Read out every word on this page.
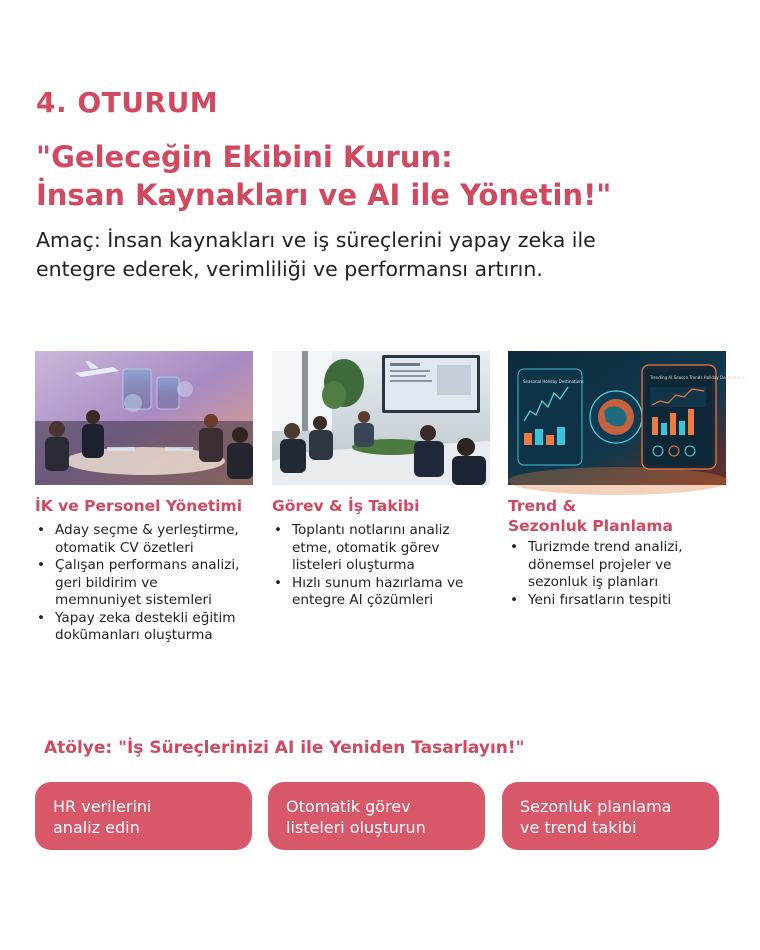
4. OTURUM
"Geleceğin Ekibini Kurun:
İnsan Kaynakları ve AI ile Yönetin!"

Amaç: İnsan kaynakları ve iş süreçlerini yapay zeka ile
entegre ederek, verimliliği ve performansı artırın.

İK ve Personel Yönetimi
• Aday seçme & yerleştirme,
otomatik CV özetleri
• Çalışan performans analizi,
geri bildirim ve
memnuniyet sistemleri
• Yapay zeka destekli eğitim
dokümanları oluşturma
Görev & İş Takibi
• Toplantı notlarını analiz
etme, otomatik görev
listeleri oluşturma
• Hızlı sunum hazırlama ve
entegre AI çözümleri
Seasonal Holiday Destinations
Trending AI Season Trends Holiday Destinations
Trend &
Sezonluk Planlama
• Turizmde trend analizi,
dönemsel projeler ve
sezonluk iş planları
• Yeni fırsatların tespiti
Atölye: "İş Süreçlerinizi AI ile Yeniden Tasarlayın!"
HR verilerini
analiz edin
Otomatik görev
listeleri oluşturun
Sezonluk planlama
ve trend takibi
